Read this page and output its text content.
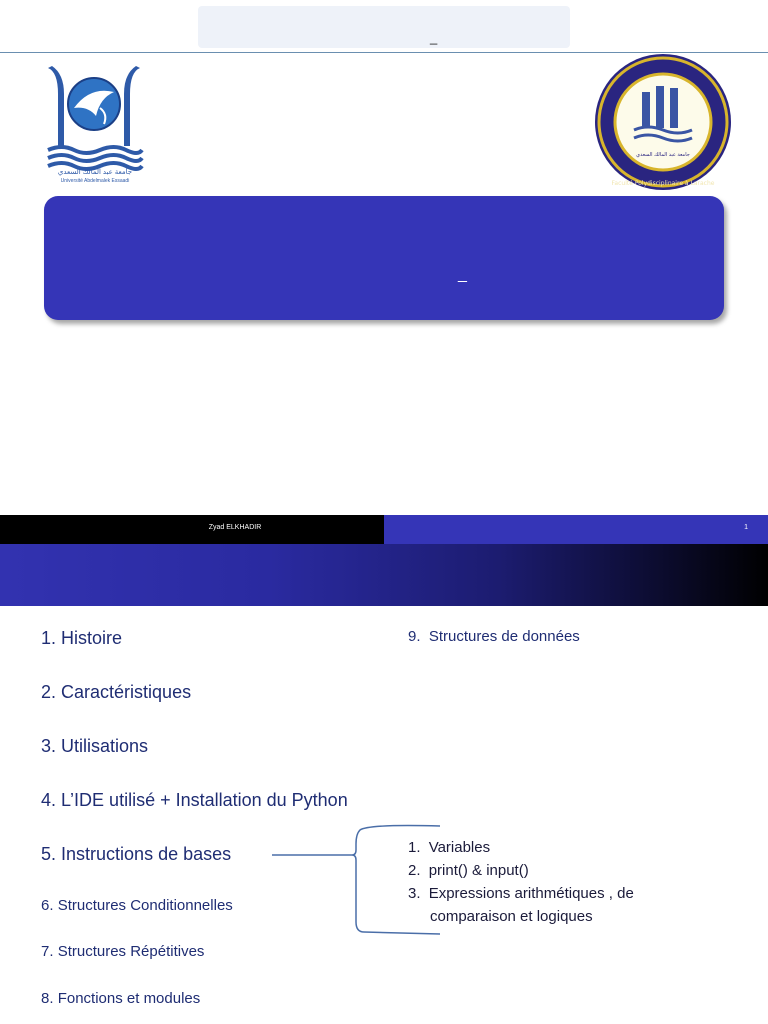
_
جامعة عبد المالك السعدي
Université Abdelmalek Essaadi
جامعة عبد المالك السعدي
Faculté Polydisciplinaire à Larache
_
Zyad ELKHADIR	1
1. Histoire
2. Caractéristiques
3. Utilisations
4. L’IDE utilisé + Installation du Python
5. Instructions de bases
6. Structures Conditionnelles
7. Structures Répétitives
8. Fonctions et modules
9. Structures de données
1. Variables
2. print() & input()
3. Expressions arithmétiques , de
comparaison et logiques
